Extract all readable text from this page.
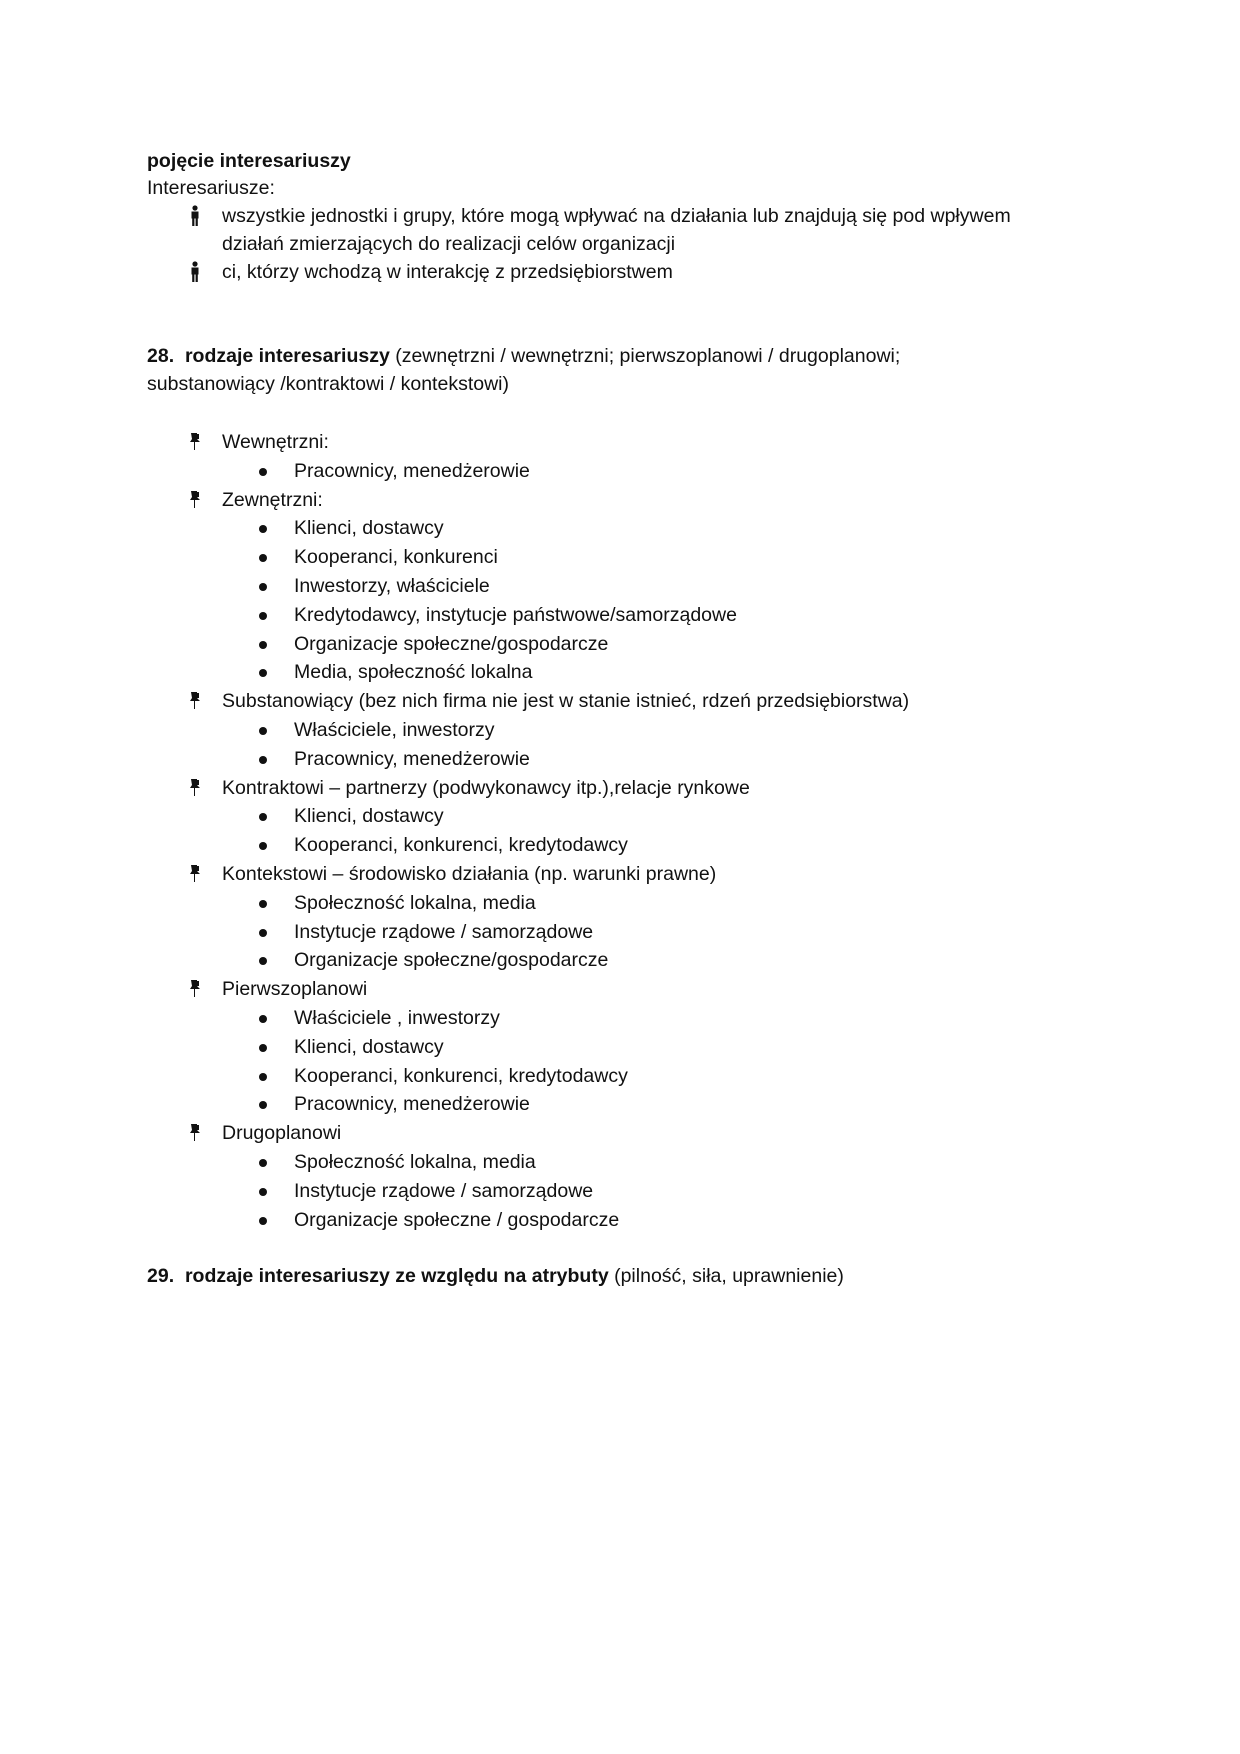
pojęcie interesariuszy
Interesariusze:
wszystkie jednostki i grupy, które mogą wpływać na działania lub znajdują się pod wpływem
działań zmierzających do realizacji celów organizacji
ci, którzy wchodzą w interakcję z przedsiębiorstwem
28. rodzaje interesariuszy (zewnętrzni / wewnętrzni; pierwszoplanowi / drugoplanowi;
substanowiący /kontraktowi / kontekstowi)
Wewnętrzni:
Pracownicy, menedżerowie
Zewnętrzni:
Klienci, dostawcy
Kooperanci, konkurenci
Inwestorzy, właściciele
Kredytodawcy, instytucje państwowe/samorządowe
Organizacje społeczne/gospodarcze
Media, społeczność lokalna
Substanowiący (bez nich firma nie jest w stanie istnieć, rdzeń przedsiębiorstwa)
Właściciele, inwestorzy
Pracownicy, menedżerowie
Kontraktowi – partnerzy (podwykonawcy itp.),relacje rynkowe
Klienci, dostawcy
Kooperanci, konkurenci, kredytodawcy
Kontekstowi – środowisko działania (np. warunki prawne)
Społeczność lokalna, media
Instytucje rządowe / samorządowe
Organizacje społeczne/gospodarcze
Pierwszoplanowi
Właściciele , inwestorzy
Klienci, dostawcy
Kooperanci, konkurenci, kredytodawcy
Pracownicy, menedżerowie
Drugoplanowi
Społeczność lokalna, media
Instytucje rządowe / samorządowe
Organizacje społeczne / gospodarcze
29. rodzaje interesariuszy ze względu na atrybuty (pilność, siła, uprawnienie)
